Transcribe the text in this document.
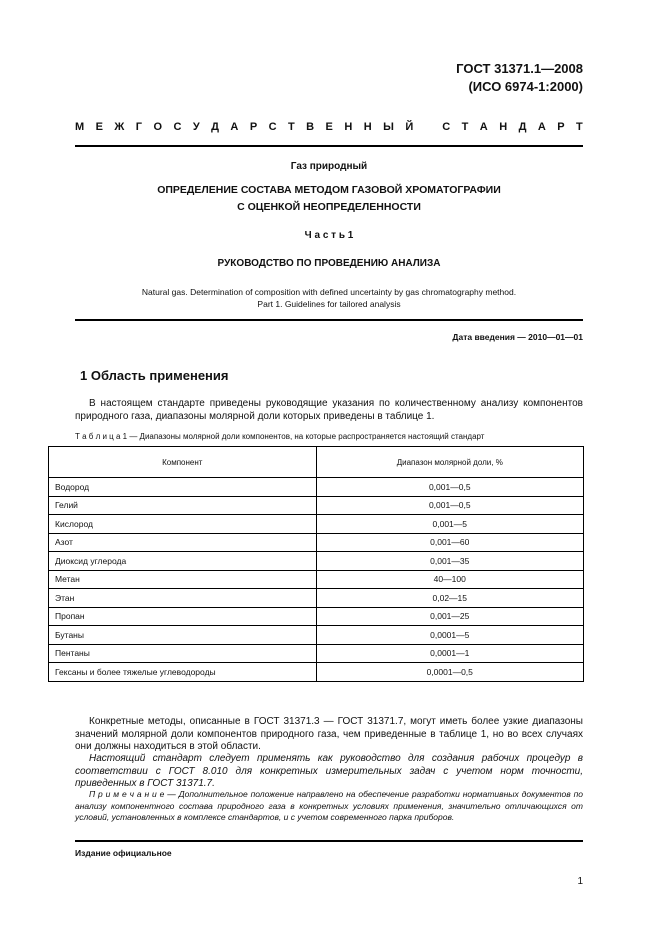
ГОСТ 31371.1—2008
(ИСО 6974-1:2000)
М Е Ж Г О С У Д А Р С Т В Е Н Н Ы Й
	С Т А Н Д А Р Т
Газ природный
ОПРЕДЕЛЕНИЕ СОСТАВА МЕТОДОМ ГАЗОВОЙ ХРОМАТОГРАФИИ
С ОЦЕНКОЙ НЕОПРЕДЕЛЕННОСТИ
Ч а с т ь 1
РУКОВОДСТВО ПО ПРОВЕДЕНИЮ АНАЛИЗА
Natural gas. Determination of composition with defined uncertainty by gas chromatography method.
Part 1. Guidelines for tailored analysis
Дата введения — 2010—01—01
1 Область применения
В настоящем стандарте приведены руководящие указания по количественному анализу компонентов природного газа, диапазоны молярной доли которых приведены в таблице 1.
Т а б л и ц а 1 — Диапазоны молярной доли компонентов, на которые распространяется настоящий стандарт
Компонент	Диапазон молярной доли, %
Водород	0,001—0,5
Гелий	0,001—0,5
Кислород	0,001—5
Азот	0,001—60
Диоксид углерода	0,001—35
Метан	40—100
Этан	0,02—15
Пропан	0,001—25
Бутаны	0,0001—5
Пентаны	0,0001—1
Гексаны и более тяжелые углеводороды	0,0001—0,5
Конкретные методы, описанные в ГОСТ 31371.3 — ГОСТ 31371.7, могут иметь более узкие диапазоны значений молярной доли компонентов природного газа, чем приведенные в таблице 1, но во всех случаях они должны находиться в этой области.
Настоящий стандарт следует применять как руководство для создания рабочих процедур в соответствии с ГОСТ 8.010 для конкретных измерительных задач с учетом норм точности, приведенных в ГОСТ 31371.7.
П р и м е ч а н и е — Дополнительное положение направлено на обеспечение разработки нормативных документов по анализу компонентного состава природного газа в конкретных условиях применения, значительно отличающихся от условий, установленных в комплексе стандартов, и с учетом современного парка приборов.
Издание официальное
1
